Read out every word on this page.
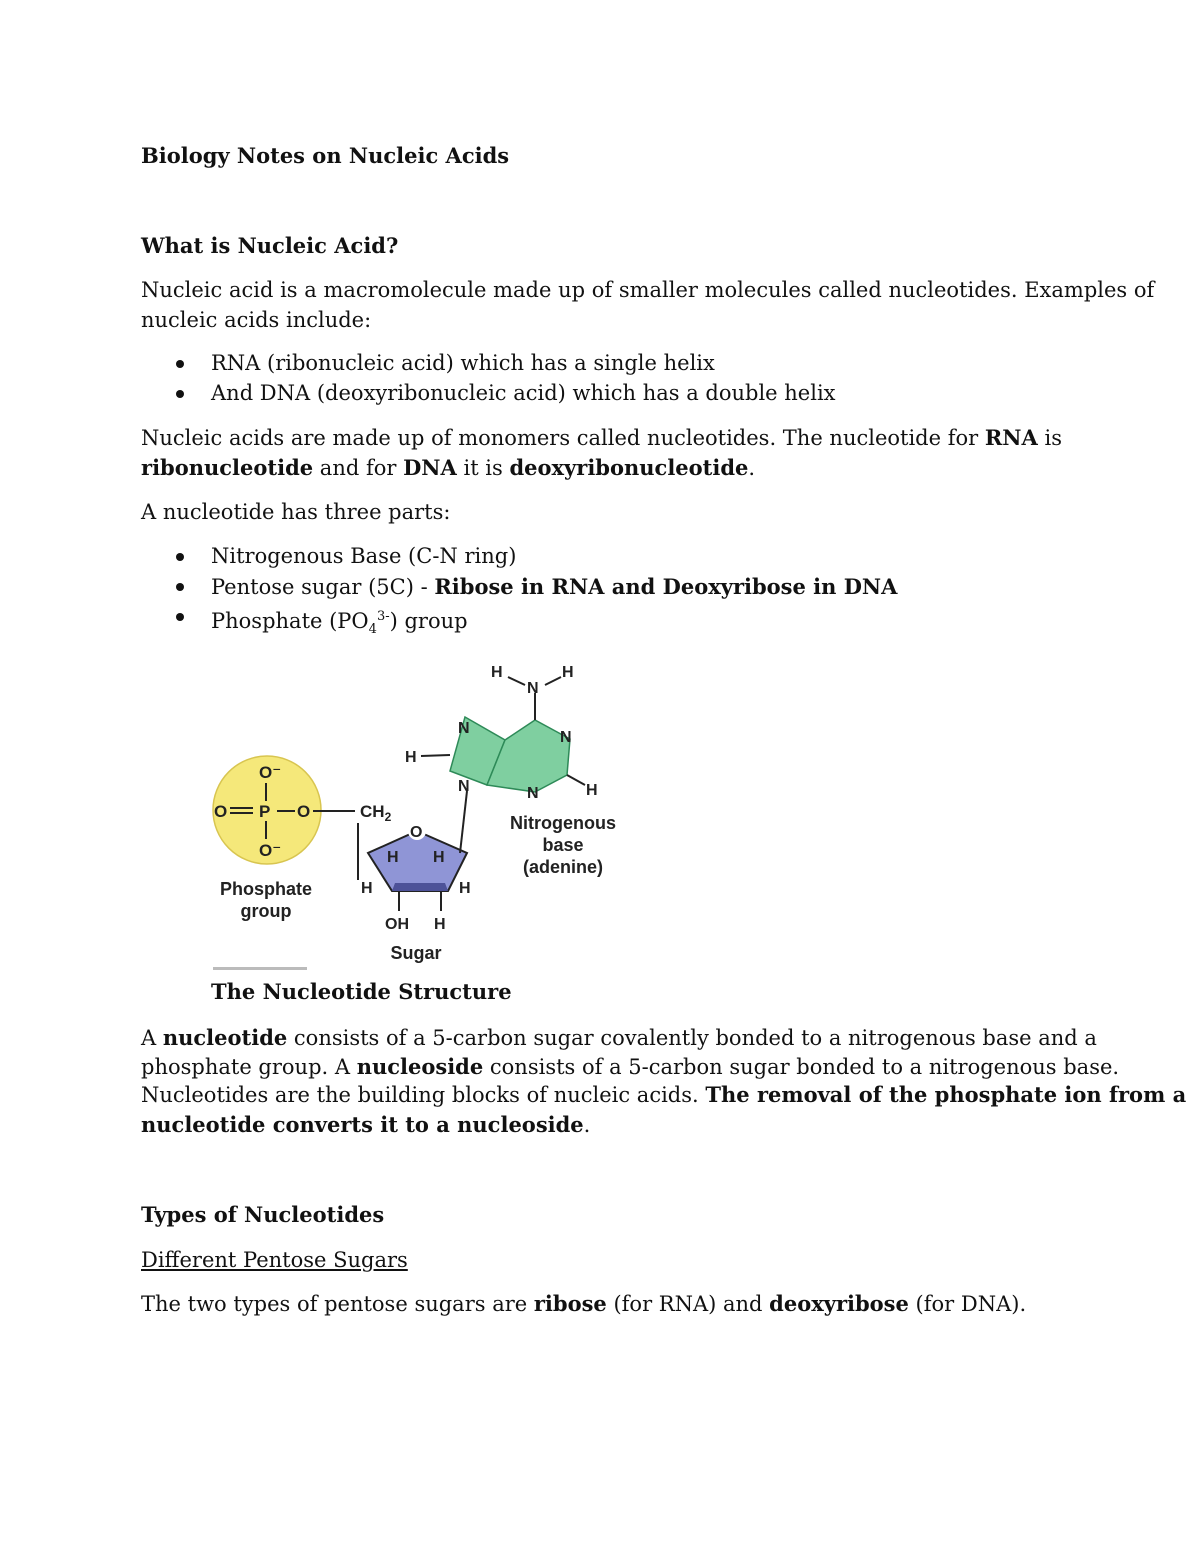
Biology Notes on Nucleic Acids

What is Nucleic Acid?

Nucleic acid is a macromolecule made up of smaller molecules called nucleotides. Examples of

nucleic acids include:

RNA (ribonucleic acid) which has a single helix
And DNA (deoxyribonucleic acid) which has a double helix

Nucleic acids are made up of monomers called nucleotides. The nucleotide for RNA is

ribonucleotide and for DNA it is deoxyribonucleotide.

A nucleotide has three parts:

Nitrogenous Base (C-N ring)
Pentose sugar (5C) - Ribose in RNA and Deoxyribose in DNA
Phosphate $(PO_4^{3-})$ group
O⁻
O P O
O⁻
$CH_2$
O
H H
H	H
OH H
N
N
N	N
H
H
N
H	H
Phosphate
group
Sugar
Nitrogenous
base
(adenine)

The Nucleotide Structure

A nucleotide consists of a 5-carbon sugar covalently bonded to a nitrogenous base and a

phosphate group. A nucleoside consists of a 5-carbon sugar bonded to a nitrogenous base.

Nucleotides are the building blocks of nucleic acids. The removal of the phosphate ion from a

nucleotide converts it to a nucleoside.

Types of Nucleotides

Different Pentose Sugars

The two types of pentose sugars are ribose (for RNA) and deoxyribose (for DNA).
